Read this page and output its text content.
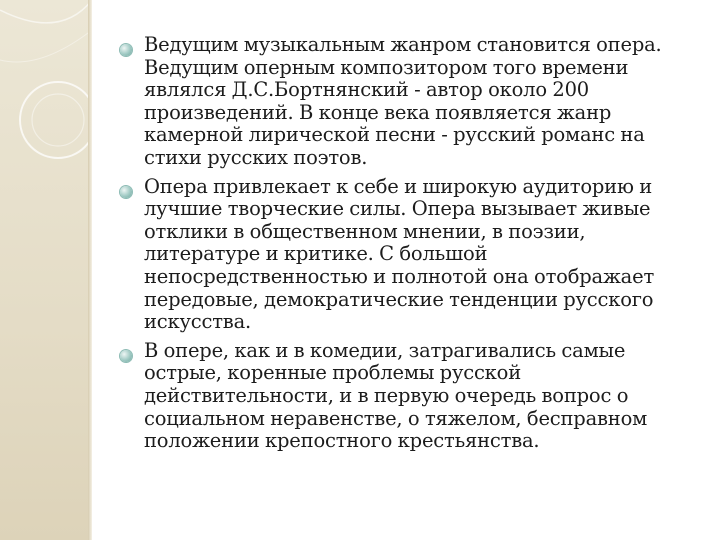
Ведущим музыкальным жанром становится опера. Ведущим оперным композитором того времени являлся Д.С.Бортнянский - автор около 200 произведений. В конце века появляется жанр камерной лирической песни - русский романс на стихи русских поэтов.
Опера привлекает к себе и широкую аудиторию и лучшие творческие силы. Опера вызывает живые отклики в общественном мнении, в поэзии, литературе и критике. С большой непосредственностью и полнотой она отображает передовые, демократические тенденции русского искусства.
В опере, как и в комедии, затрагивались самые острые, коренные проблемы русской действительности, и в первую очередь вопрос о социальном неравенстве, о тяжелом, бесправном положении крепостного крестьянства.
